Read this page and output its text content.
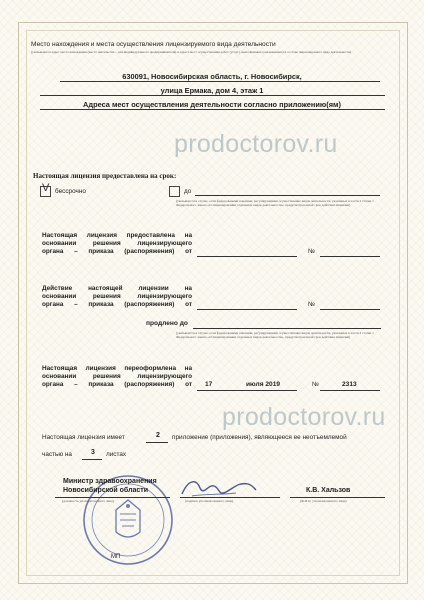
Место нахождения и места осуществления лицензируемого вида деятельности
(указываются адрес места нахождения (место жительства – для индивидуального предпринимателя) и адреса мест осуществления работ (услуг), выполняемых (оказываемых) в составе лицензируемого вида деятельности)
630091, Новосибирская область, г. Новосибирск,
улица Ермака, дом 4, этаж 1
Адреса мест осуществления деятельности согласно приложению(ям)
prodoctorov.ru
Настоящая лицензия предоставлена на срок:
V бессрочно	до
(указывается в случае, если федеральными законами, регулирующими осуществление видов деятельности, указанных в части 4 статьи 1 Федерального закона «О лицензировании отдельных видов деятельности», предусмотрен иной срок действия лицензии)
Настоящая лицензия предоставлена на
основании решения лицензирующего
органа – приказа (распоряжения) от	№
Действие настоящей лицензии на
основании решения лицензирующего
органа – приказа (распоряжения) от	№
продлено до
(указывается в случае, если федеральными законами, регулирующими осуществление видов деятельности, указанных в части 4 статьи 1 Федерального закона «О лицензировании отдельных видов деятельности», предусмотрен иной срок действия лицензии)
Настоящая лицензия переоформлена на
основании решения лицензирующего
органа – приказа (распоряжения) от 17	июля 2019	№	2313
prodoctorov.ru
Настоящая лицензия имеет	2 приложение (приложения), являющееся ее неотъемлемой
частью на	3 листах
Министр здравоохранения
Новосибирской области
(должность уполномоченного лица)	(подпись уполномоченного лица)
К.В. Хальзов
(Ф.И.О. уполномоченного лица)
МП
